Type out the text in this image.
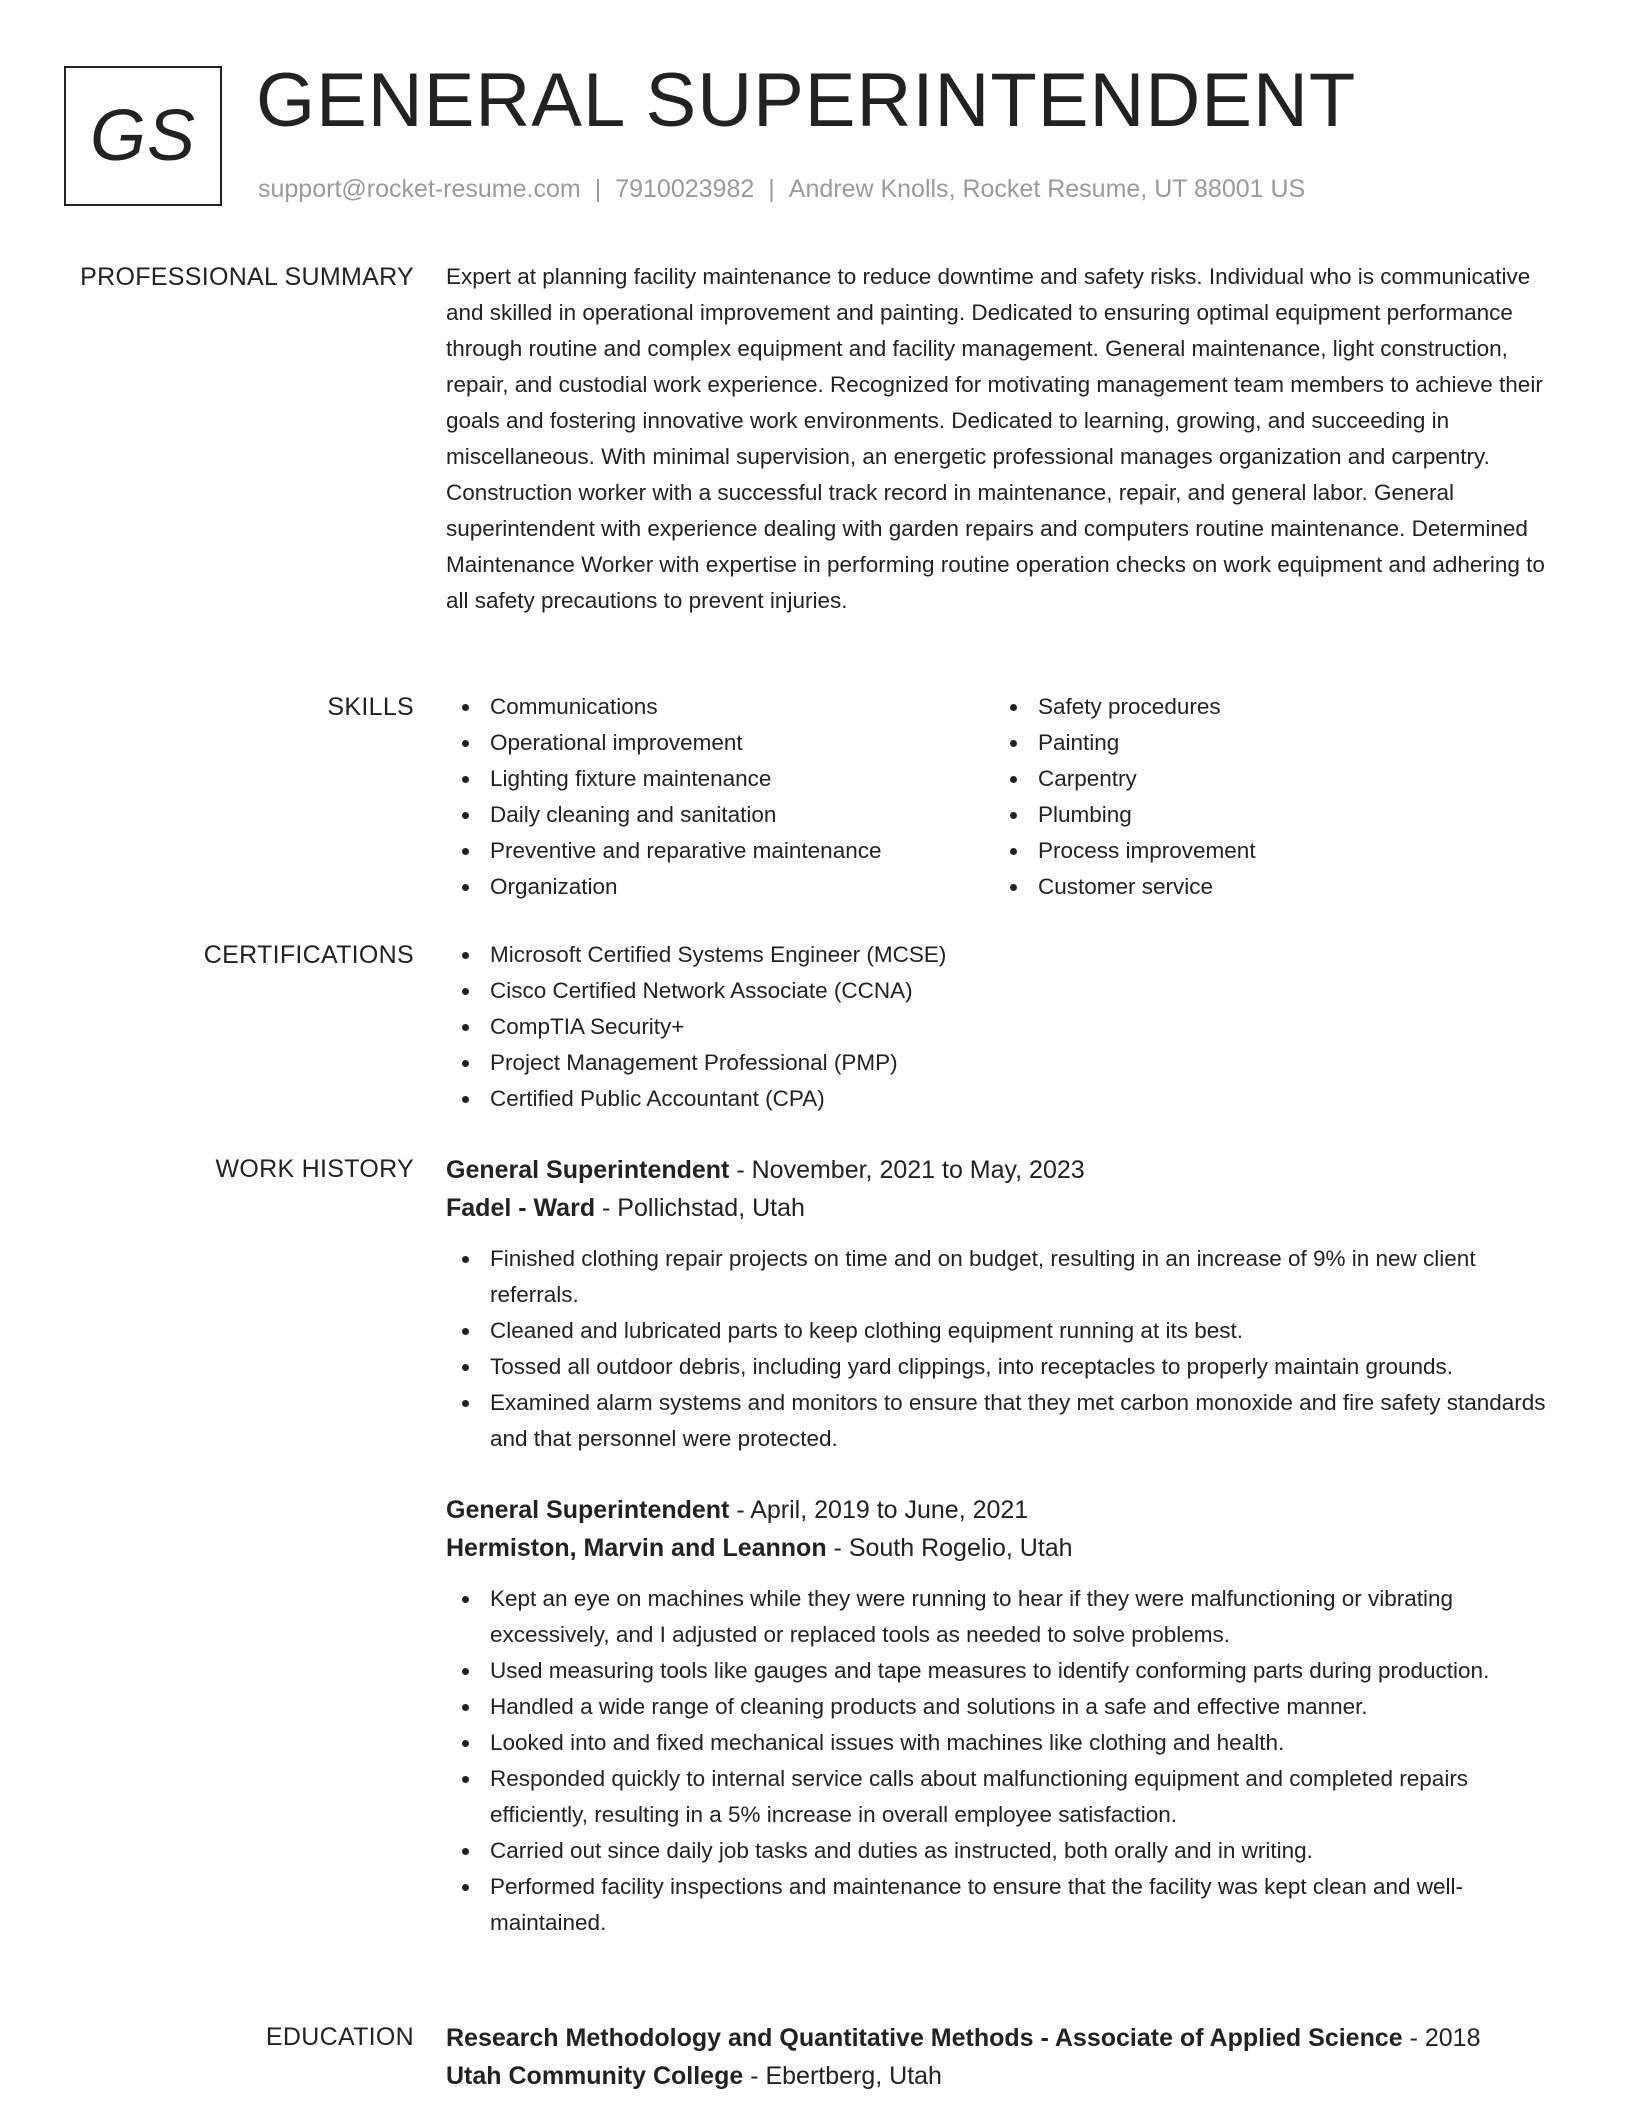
GS GENERAL SUPERINTENDENT
support@rocket-resume.com | 7910023982 | Andrew Knolls, Rocket Resume, UT 88001 US
PROFESSIONAL SUMMARY Expert at planning facility maintenance to reduce downtime and safety risks. Individual who is communicative and skilled in operational improvement and painting. Dedicated to ensuring optimal equipment performance through routine and complex equipment and facility management. General maintenance, light construction, repair, and custodial work experience. Recognized for motivating management team members to achieve their goals and fostering innovative work environments. Dedicated to learning, growing, and succeeding in miscellaneous. With minimal supervision, an energetic professional manages organization and carpentry. Construction worker with a successful track record in maintenance, repair, and general labor. General superintendent with experience dealing with garden repairs and computers routine maintenance. Determined Maintenance Worker with expertise in performing routine operation checks on work equipment and adhering to all safety precautions to prevent injuries.

SKILLS	Communications
Operational improvement
Lighting fixture maintenance
Daily cleaning and sanitation
Preventive and reparative maintenance
Organization
Safety procedures
Painting
Carpentry
Plumbing
Process improvement
Customer service
CERTIFICATIONS	Microsoft Certified Systems Engineer (MCSE)
Cisco Certified Network Associate (CCNA)
CompTIA Security+
Project Management Professional (PMP)
Certified Public Accountant (CPA)
WORK HISTORY General Superintendent - November, 2021 to May, 2023
Fadel - Ward - Pollichstad, Utah
Finished clothing repair projects on time and on budget, resulting in an increase of 9% in new client referrals.
Cleaned and lubricated parts to keep clothing equipment running at its best.
Tossed all outdoor debris, including yard clippings, into receptacles to properly maintain grounds.
Examined alarm systems and monitors to ensure that they met carbon monoxide and fire safety standards and that personnel were protected.
General Superintendent - April, 2019 to June, 2021
Hermiston, Marvin and Leannon - South Rogelio, Utah
Kept an eye on machines while they were running to hear if they were malfunctioning or vibrating excessively, and I adjusted or replaced tools as needed to solve problems.
Used measuring tools like gauges and tape measures to identify conforming parts during production.
Handled a wide range of cleaning products and solutions in a safe and effective manner.
Looked into and fixed mechanical issues with machines like clothing and health.
Responded quickly to internal service calls about malfunctioning equipment and completed repairs efficiently, resulting in a 5% increase in overall employee satisfaction.
Carried out since daily job tasks and duties as instructed, both orally and in writing.
Performed facility inspections and maintenance to ensure that the facility was kept clean and well-maintained.
EDUCATION Research Methodology and Quantitative Methods - Associate of Applied Science - 2018
Utah Community College - Ebertberg, Utah
